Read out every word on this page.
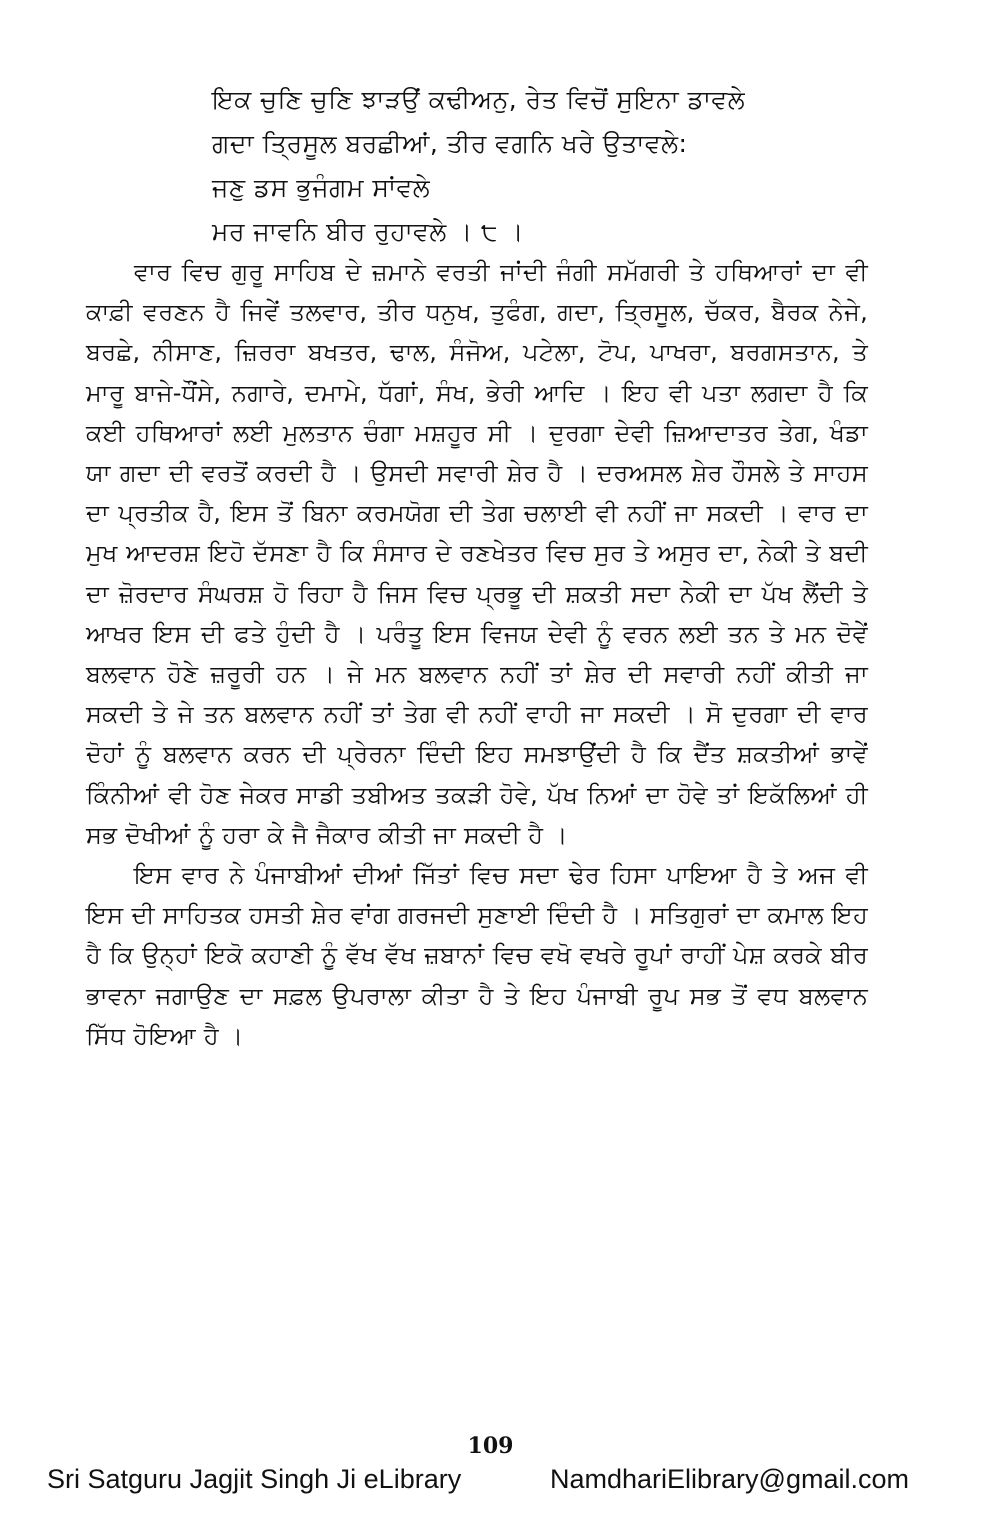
ਇਕ ਚੁਣਿ ਚੁਣਿ ਝਾੜਉਂ ਕਢੀਅਨੁ, ਰੇਤ ਵਿਚੋਂ ਸੁਇਨਾ ਡਾਵਲੇ
ਗਦਾ ਤ੍ਰਿਸੂਲ ਬਰਛੀਆਂ, ਤੀਰ ਵਗਨਿ ਖਰੇ ਉਤਾਵਲੇ:
ਜਣੁ ਡਸ ਭੁਜੰਗਮ ਸਾਂਵਲੇ
ਮਰ ਜਾਵਨਿ ਬੀਰ ਰੁਹਾਵਲੇ । ੮ ।

ਵਾਰ ਵਿਚ ਗੁਰੂ ਸਾਹਿਬ ਦੇ ਜ਼ਮਾਨੇ ਵਰਤੀ ਜਾਂਦੀ ਜੰਗੀ ਸਮੱਗਰੀ ਤੇ ਹਥਿਆਰਾਂ ਦਾ ਵੀ ਕਾਫ਼ੀ ਵਰਣਨ ਹੈ ਜਿਵੇਂ ਤਲਵਾਰ, ਤੀਰ ਧਨੁਖ, ਤੁਫੰਗ, ਗਦਾ, ਤ੍ਰਿਸੂਲ, ਚੱਕਰ, ਬੈਰਕ ਨੇਜੇ, ਬਰਛੇ, ਨੀਸਾਣ, ਜ਼ਿਰਰਾ ਬਖਤਰ, ਢਾਲ, ਸੰਜੋਅ, ਪਟੇਲਾ, ਟੋਪ, ਪਾਖਰਾ, ਬਰਗਸਤਾਨ, ਤੇ ਮਾਰੂ ਬਾਜੇ-ਧੌਂਸੇ, ਨਗਾਰੇ, ਦਮਾਮੇ, ਧੱਗਾਂ, ਸੰਖ, ਭੇਰੀ ਆਦਿ । ਇਹ ਵੀ ਪਤਾ ਲਗਦਾ ਹੈ ਕਿ ਕਈ ਹਥਿਆਰਾਂ ਲਈ ਮੁਲਤਾਨ ਚੰਗਾ ਮਸ਼ਹੂਰ ਸੀ । ਦੁਰਗਾ ਦੇਵੀ ਜ਼ਿਆਦਾਤਰ ਤੇਗ, ਖੰਡਾ ਯਾ ਗਦਾ ਦੀ ਵਰਤੋਂ ਕਰਦੀ ਹੈ । ਉਸਦੀ ਸਵਾਰੀ ਸ਼ੇਰ ਹੈ । ਦਰਅਸਲ ਸ਼ੇਰ ਹੌਸਲੇ ਤੇ ਸਾਹਸ ਦਾ ਪ੍ਰਤੀਕ ਹੈ, ਇਸ ਤੋਂ ਬਿਨਾ ਕਰਮਯੋਗ ਦੀ ਤੇਗ ਚਲਾਈ ਵੀ ਨਹੀਂ ਜਾ ਸਕਦੀ । ਵਾਰ ਦਾ ਮੁਖ ਆਦਰਸ਼ ਇਹੋ ਦੱਸਣਾ ਹੈ ਕਿ ਸੰਸਾਰ ਦੇ ਰਣਖੇਤਰ ਵਿਚ ਸੁਰ ਤੇ ਅਸੁਰ ਦਾ, ਨੇਕੀ ਤੇ ਬਦੀ ਦਾ ਜ਼ੋਰਦਾਰ ਸੰਘਰਸ਼ ਹੋ ਰਿਹਾ ਹੈ ਜਿਸ ਵਿਚ ਪ੍ਰਭੂ ਦੀ ਸ਼ਕਤੀ ਸਦਾ ਨੇਕੀ ਦਾ ਪੱਖ ਲੈਂਦੀ ਤੇ ਆਖਰ ਇਸ ਦੀ ਫਤੇ ਹੁੰਦੀ ਹੈ । ਪਰੰਤੂ ਇਸ ਵਿਜਯ ਦੇਵੀ ਨੂੰ ਵਰਨ ਲਈ ਤਨ ਤੇ ਮਨ ਦੋਵੇਂ ਬਲਵਾਨ ਹੋਣੇ ਜ਼ਰੂਰੀ ਹਨ । ਜੇ ਮਨ ਬਲਵਾਨ ਨਹੀਂ ਤਾਂ ਸ਼ੇਰ ਦੀ ਸਵਾਰੀ ਨਹੀਂ ਕੀਤੀ ਜਾ ਸਕਦੀ ਤੇ ਜੇ ਤਨ ਬਲਵਾਨ ਨਹੀਂ ਤਾਂ ਤੇਗ ਵੀ ਨਹੀਂ ਵਾਹੀ ਜਾ ਸਕਦੀ । ਸੋ ਦੁਰਗਾ ਦੀ ਵਾਰ ਦੋਹਾਂ ਨੂੰ ਬਲਵਾਨ ਕਰਨ ਦੀ ਪ੍ਰੇਰਨਾ ਦਿੰਦੀ ਇਹ ਸਮਝਾਉਂਦੀ ਹੈ ਕਿ ਦੈਂਤ ਸ਼ਕਤੀਆਂ ਭਾਵੇਂ ਕਿੰਨੀਆਂ ਵੀ ਹੋਣ ਜੇਕਰ ਸਾਡੀ ਤਬੀਅਤ ਤਕੜੀ ਹੋਵੇ, ਪੱਖ ਨਿਆਂ ਦਾ ਹੋਵੇ ਤਾਂ ਇਕੱਲਿਆਂ ਹੀ ਸਭ ਦੋਖੀਆਂ ਨੂੰ ਹਰਾ ਕੇ ਜੈ ਜੈਕਾਰ ਕੀਤੀ ਜਾ ਸਕਦੀ ਹੈ ।

ਇਸ ਵਾਰ ਨੇ ਪੰਜਾਬੀਆਂ ਦੀਆਂ ਜਿੱਤਾਂ ਵਿਚ ਸਦਾ ਢੇਰ ਹਿਸਾ ਪਾਇਆ ਹੈ ਤੇ ਅਜ ਵੀ ਇਸ ਦੀ ਸਾਹਿਤਕ ਹਸਤੀ ਸ਼ੇਰ ਵਾਂਗ ਗਰਜਦੀ ਸੁਣਾਈ ਦਿੰਦੀ ਹੈ । ਸਤਿਗੁਰਾਂ ਦਾ ਕਮਾਲ ਇਹ ਹੈ ਕਿ ਉਨ੍ਹਾਂ ਇਕੋ ਕਹਾਣੀ ਨੂੰ ਵੱਖ ਵੱਖ ਜ਼ਬਾਨਾਂ ਵਿਚ ਵਖੋ ਵਖਰੇ ਰੂਪਾਂ ਰਾਹੀਂ ਪੇਸ਼ ਕਰਕੇ ਬੀਰ ਭਾਵਨਾ ਜਗਾਉਣ ਦਾ ਸਫ਼ਲ ਉਪਰਾਲਾ ਕੀਤਾ ਹੈ ਤੇ ਇਹ ਪੰਜਾਬੀ ਰੂਪ ਸਭ ਤੋਂ ਵਧ ਬਲਵਾਨ ਸਿੱਧ ਹੋਇਆ ਹੈ ।

109
Sri Satguru Jagjit Singh Ji eLibrary	NamdhariElibrary@gmail.com
